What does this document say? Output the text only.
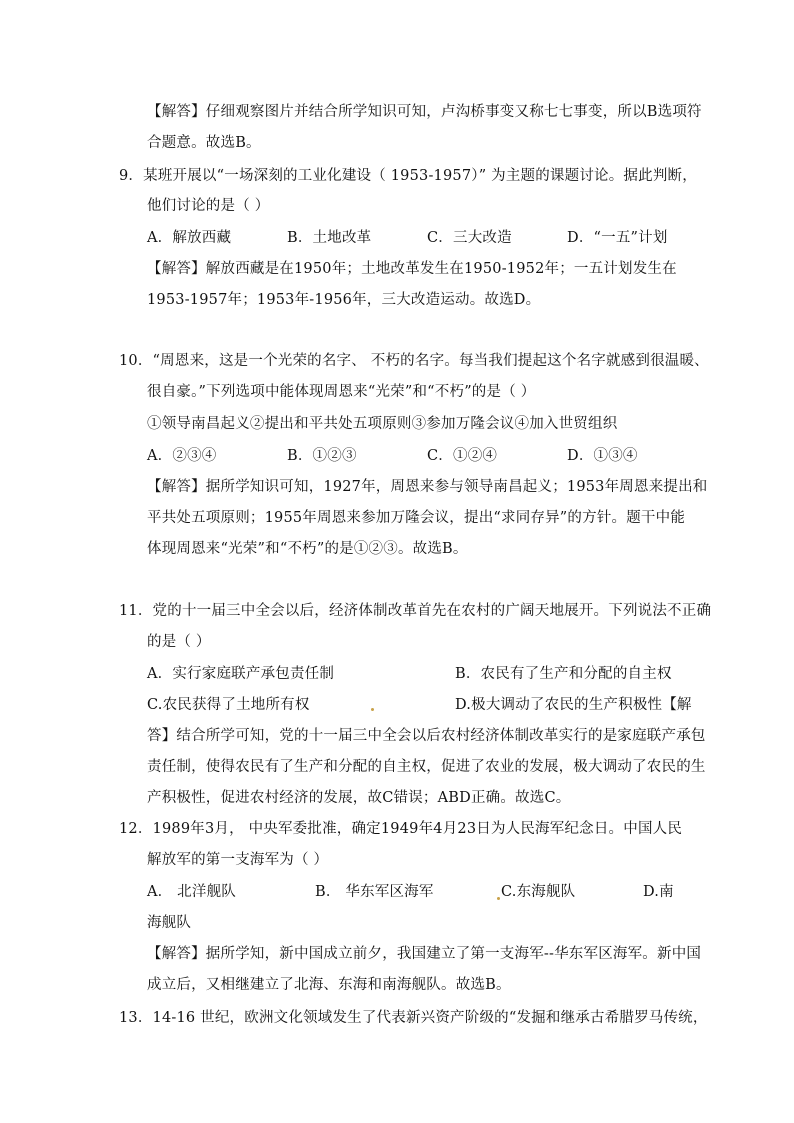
【解答】仔细观察图片并结合所学知识可知，卢沟桥事变又称七七事变，所以B选项符
合题意。故选B。
9．某班开展以“一场深刻的工业化建设（ 1953-1957）” 为主题的课题讨论。据此判断，
他们讨论的是（ ）
A．解放西藏	B．土地改革	C．三大改造	D．“一五”计划
【解答】解放西藏是在1950年；土地改革发生在1950-1952年；一五计划发生在
1953-1957年；1953年-1956年，三大改造运动。故选D。
10．“周恩来，这是一个光荣的名字、 不朽的名字。每当我们提起这个名字就感到很温暖、
很自豪。”下列选项中能体现周恩来“光荣”和“不朽”的是（ ）
①领导南昌起义②提出和平共处五项原则③参加万隆会议④加入世贸组织
A．②③④	B．①②③	C．①②④	D．①③④
【解答】据所学知识可知，1927年，周恩来参与领导南昌起义；1953年周恩来提出和
平共处五项原则；1955年周恩来参加万隆会议，提出“求同存异”的方针。题干中能
体现周恩来“光荣”和“不朽”的是①②③。故选B。
11．党的十一届三中全会以后，经济体制改革首先在农村的广阔天地展开。下列说法不正确
的是（ ）
A．实行家庭联产承包责任制	B．农民有了生产和分配的自主权
C.农民获得了土地所有权	D.极大调动了农民的生产积极性【解
答】结合所学可知，党的十一届三中全会以后农村经济体制改革实行的是家庭联产承包
责任制，使得农民有了生产和分配的自主权，促进了农业的发展，极大调动了农民的生
产积极性，促进农村经济的发展，故C错误；ABD正确。故选C。
12．1989年3月， 中央军委批准，确定1949年4月23日为人民海军纪念日。中国人民
解放军的第一支海军为（ ）
A． 北洋舰队	B． 华东军区海军	C.东海舰队	D.南
海舰队
【解答】据所学知，新中国成立前夕，我国建立了第一支海军--华东军区海军。新中国
成立后，又相继建立了北海、东海和南海舰队。故选B。
13．14-16 世纪，欧洲文化领域发生了代表新兴资产阶级的“发掘和继承古希腊罗马传统，
